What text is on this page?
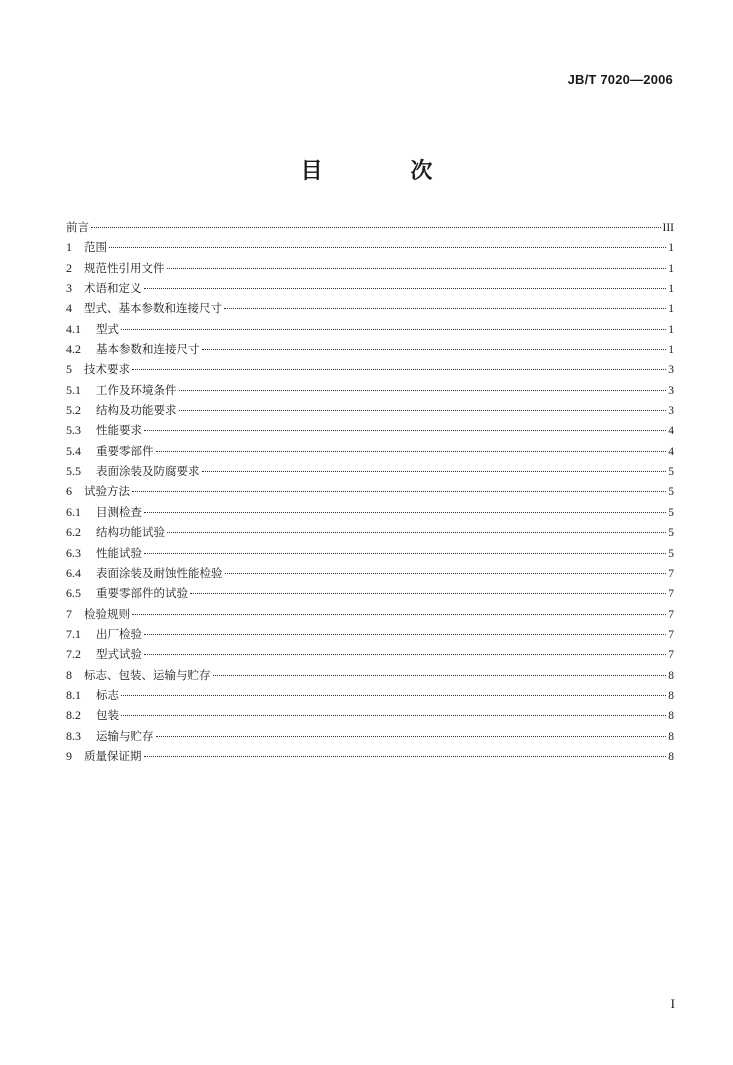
JB/T 7020—2006
目 次
前言	III
1	范围	1
2	规范性引用文件	1
3	术语和定义	1
4	型式、基本参数和连接尺寸	1
4.1	型式	1
4.2	基本参数和连接尺寸	1
5	技术要求	3
5.1	工作及环境条件	3
5.2	结构及功能要求	3
5.3	性能要求	4
5.4	重要零部件	4
5.5	表面涂装及防腐要求	5
6	试验方法	5
6.1	目测检查	5
6.2	结构功能试验	5
6.3	性能试验	5
6.4	表面涂装及耐蚀性能检验	7
6.5	重要零部件的试验	7
7	检验规则	7
7.1	出厂检验	7
7.2	型式试验	7
8	标志、包装、运输与贮存	8
8.1	标志	8
8.2	包装	8
8.3	运输与贮存	8
9	质量保证期	8
I
